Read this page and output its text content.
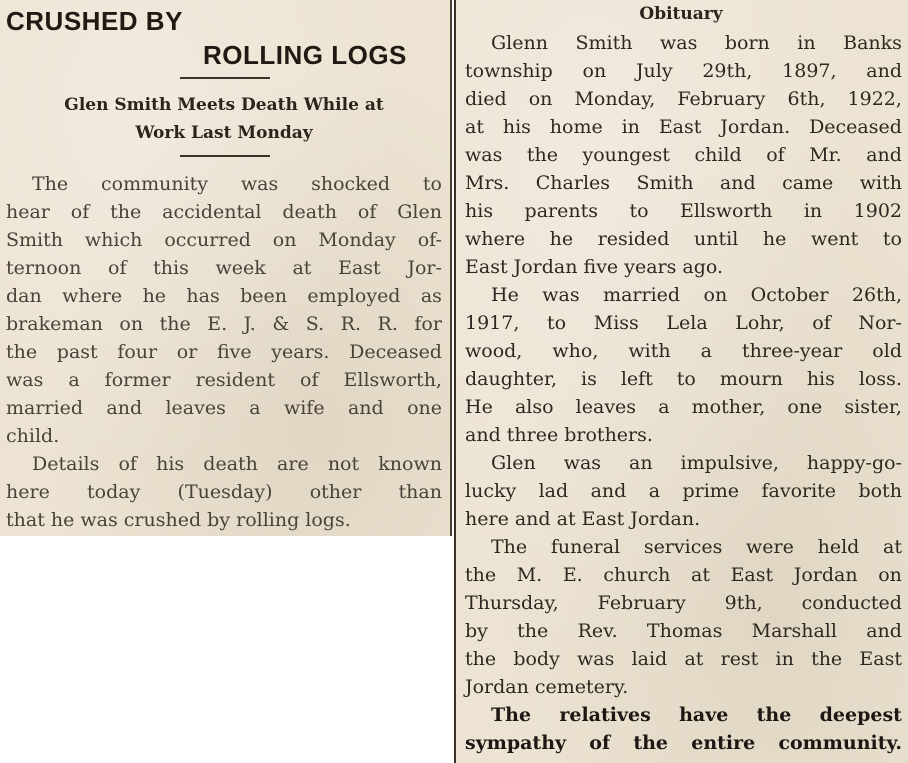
CRUSHED BY
ROLLING LOGS
Glen Smith Meets Death While at
Work Last Monday
The community was shocked to
hear of the accidental death of Glen
Smith which occurred on Monday of-
ternoon of this week at East Jor-
dan where he has been employed as
brakeman on the E. J. & S. R. R. for
the past four or five years. Deceased
was a former resident of Ellsworth,
married and leaves a wife and one
child.
Details of his death are not known
here today (Tuesday) other than
that he was crushed by rolling logs.
Obituary
Glenn Smith was born in Banks
township on July 29th, 1897, and
died on Monday, February 6th, 1922,
at his home in East Jordan. Deceased
was the youngest child of Mr. and
Mrs. Charles Smith and came with
his parents to Ellsworth in 1902
where he resided until he went to
East Jordan five years ago.
He was married on October 26th,
1917, to Miss Lela Lohr, of Nor-
wood, who, with a three-year old
daughter, is left to mourn his loss.
He also leaves a mother, one sister,
and three brothers.
Glen was an impulsive, happy-go-
lucky lad and a prime favorite both
here and at East Jordan.
The funeral services were held at
the M. E. church at East Jordan on
Thursday, February 9th, conducted
by the Rev. Thomas Marshall and
the body was laid at rest in the East
Jordan cemetery.
The relatives have the deepest
sympathy of the entire community.
